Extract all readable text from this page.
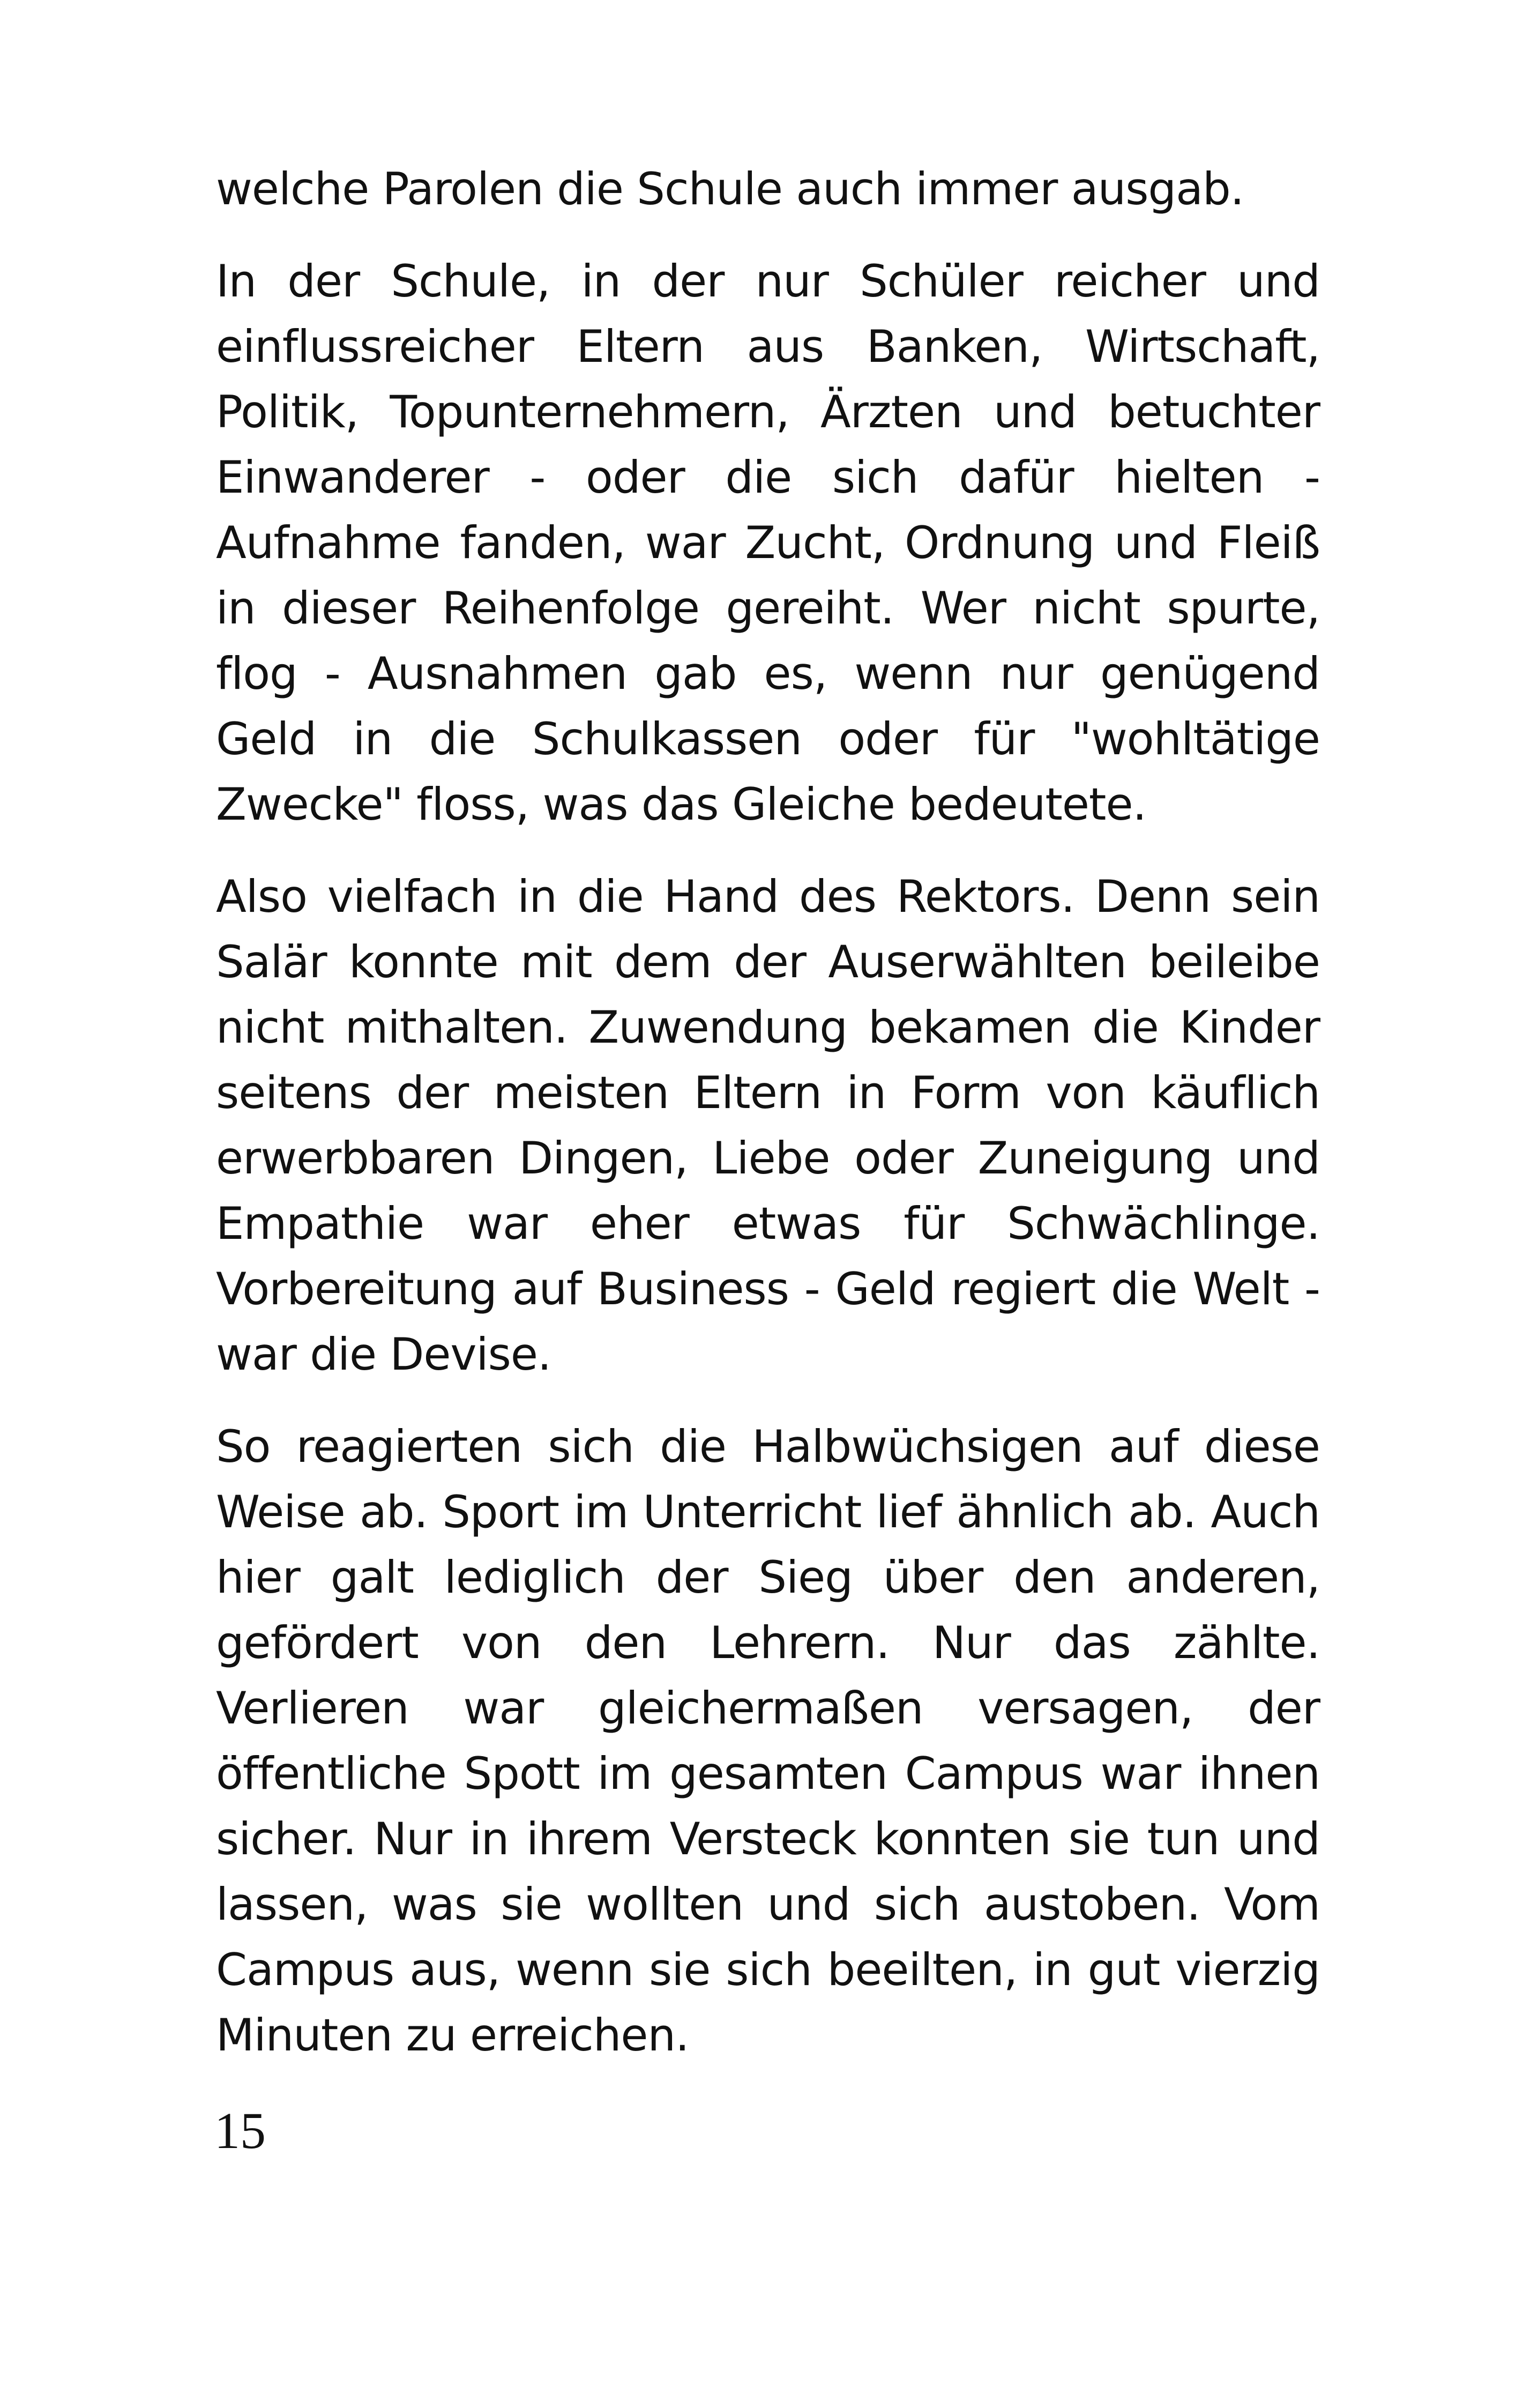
welche Parolen die Schule auch immer ausgab.

In der Schule, in der nur Schüler reicher und einflussreicher Eltern aus Banken, Wirtschaft, Politik, Topunternehmern, Ärzten und betuchter Einwanderer - oder die sich dafür hielten - Aufnahme fanden, war Zucht, Ordnung und Fleiß in dieser Reihenfolge gereiht. Wer nicht spurte, flog - Ausnahmen gab es, wenn nur genügend Geld in die Schulkassen oder für "wohltätige Zwecke" floss, was das Gleiche bedeutete.

Also vielfach in die Hand des Rektors. Denn sein Salär konnte mit dem der Auserwählten beileibe nicht mithalten. Zuwendung bekamen die Kinder seitens der meisten Eltern in Form von käuflich erwerbbaren Dingen, Liebe oder Zuneigung und Empathie war eher etwas für Schwächlinge. Vorbereitung auf Business - Geld regiert die Welt - war die Devise.

So reagierten sich die Halbwüchsigen auf diese Weise ab. Sport im Unterricht lief ähnlich ab. Auch hier galt lediglich der Sieg über den anderen, gefördert von den Lehrern. Nur das zählte. Verlieren war gleichermaßen versagen, der öffentliche Spott im gesamten Campus war ihnen sicher. Nur in ihrem Versteck konnten sie tun und lassen, was sie wollten und sich austoben. Vom Campus aus, wenn sie sich beeilten, in gut vierzig Minuten zu erreichen.

15
